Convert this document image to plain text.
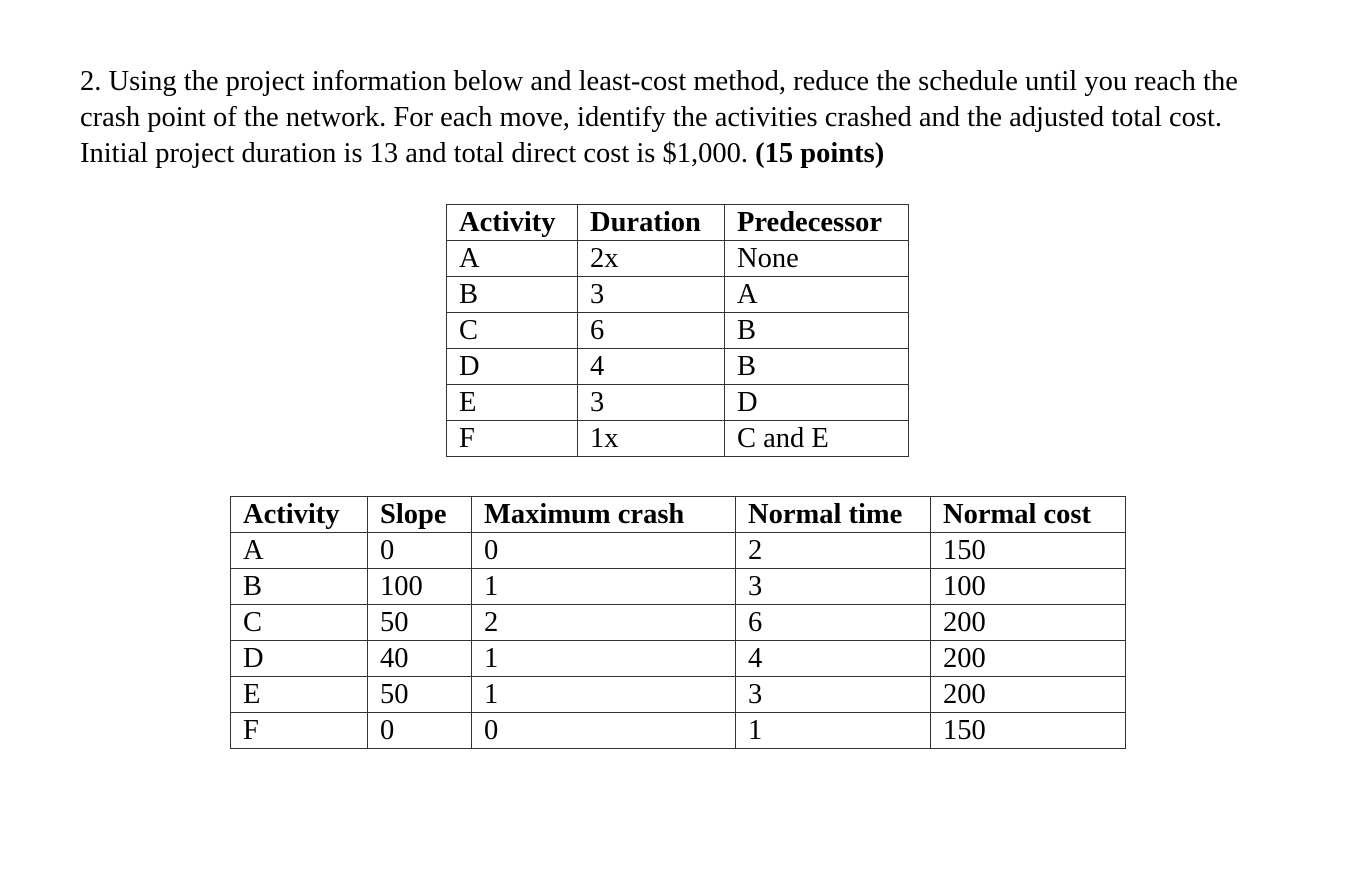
2. Using the project information below and least-cost method, reduce the schedule until you reach the crash point of the network. For each move, identify the activities crashed and the adjusted total cost. Initial project duration is 13 and total direct cost is $1,000. (15 points)

Activity	Duration	Predecessor
A	2x	None
B	3	A
C	6	B
D	4	B
E	3	D
F	1x	C and E
Activity	Slope	Maximum crash	Normal time	Normal cost
A	0	0	2	150
B	100	1	3	100
C	50	2	6	200
D	40	1	4	200
E	50	1	3	200
F	0	0	1	150
